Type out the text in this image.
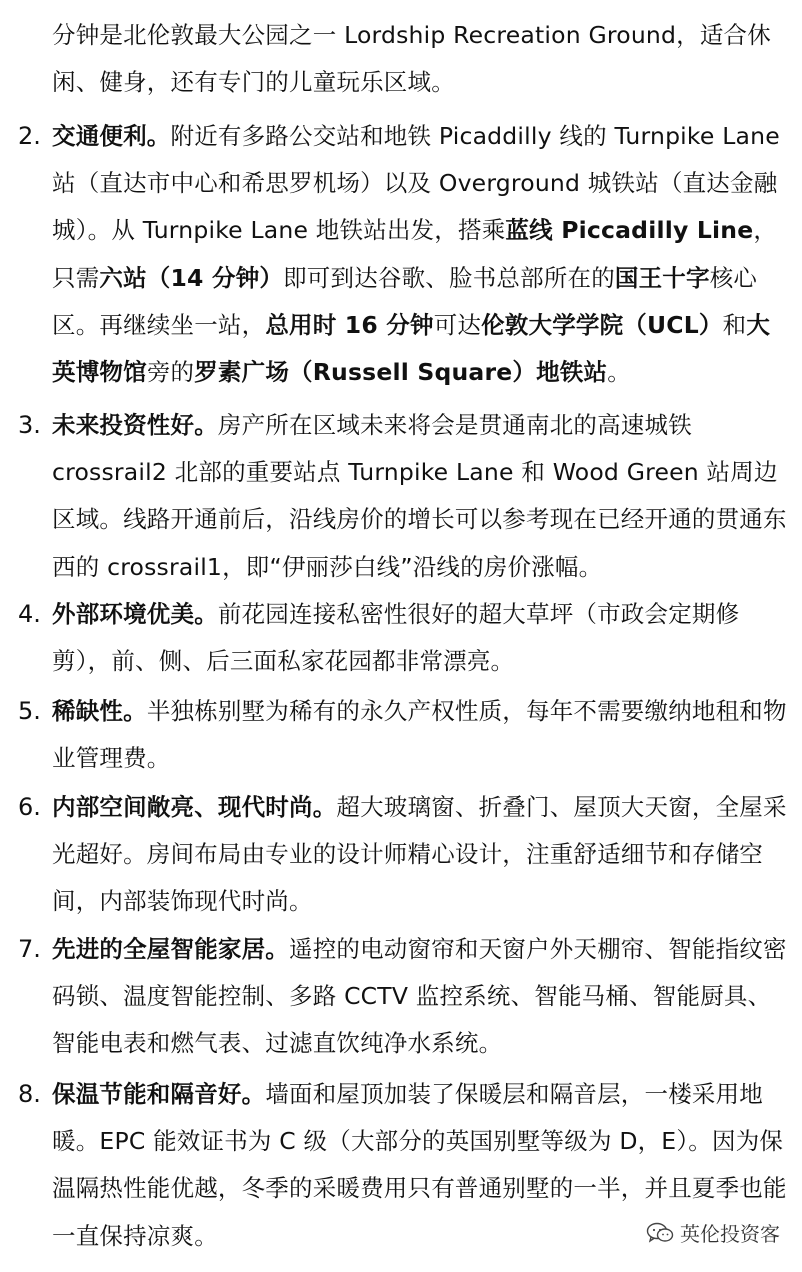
分钟是北伦敦最大公园之一 Lordship Recreation Ground，适合休闲、健身，还有专门的儿童玩乐区域。
2. 交通便利。附近有多路公交站和地铁 Picaddilly 线的 Turnpike Lane 站（直达市中心和希思罗机场）以及 Overground 城铁站（直达金融城）。从 Turnpike Lane 地铁站出发，搭乘蓝线 Piccadilly Line，只需六站（14 分钟）即可到达谷歌、脸书总部所在的国王十字核心区。再继续坐一站，总用时 16 分钟可达伦敦大学学院（UCL）和大英博物馆旁的罗素广场（Russell Square）地铁站。
3. 未来投资性好。房产所在区域未来将会是贯通南北的高速城铁 crossrail2 北部的重要站点 Turnpike Lane 和 Wood Green 站周边区域。线路开通前后，沿线房价的增长可以参考现在已经开通的贯通东西的 crossrail1，即“伊丽莎白线”沿线的房价涨幅。
4. 外部环境优美。前花园连接私密性很好的超大草坪（市政会定期修剪），前、侧、后三面私家花园都非常漂亮。
5. 稀缺性。半独栋别墅为稀有的永久产权性质，每年不需要缴纳地租和物业管理费。
6. 内部空间敞亮、现代时尚。超大玻璃窗、折叠门、屋顶大天窗，全屋采光超好。房间布局由专业的设计师精心设计，注重舒适细节和存储空间，内部装饰现代时尚。
7. 先进的全屋智能家居。遥控的电动窗帘和天窗户外天棚帘、智能指纹密码锁、温度智能控制、多路 CCTV 监控系统、智能马桶、智能厨具、智能电表和燃气表、过滤直饮纯净水系统。
8. 保温节能和隔音好。墙面和屋顶加装了保暖层和隔音层，一楼采用地暖。EPC 能效证书为 C 级（大部分的英国别墅等级为 D，E）。因为保温隔热性能优越，冬季的采暖费用只有普通别墅的一半，并且夏季也能一直保持凉爽。	英伦投资客
